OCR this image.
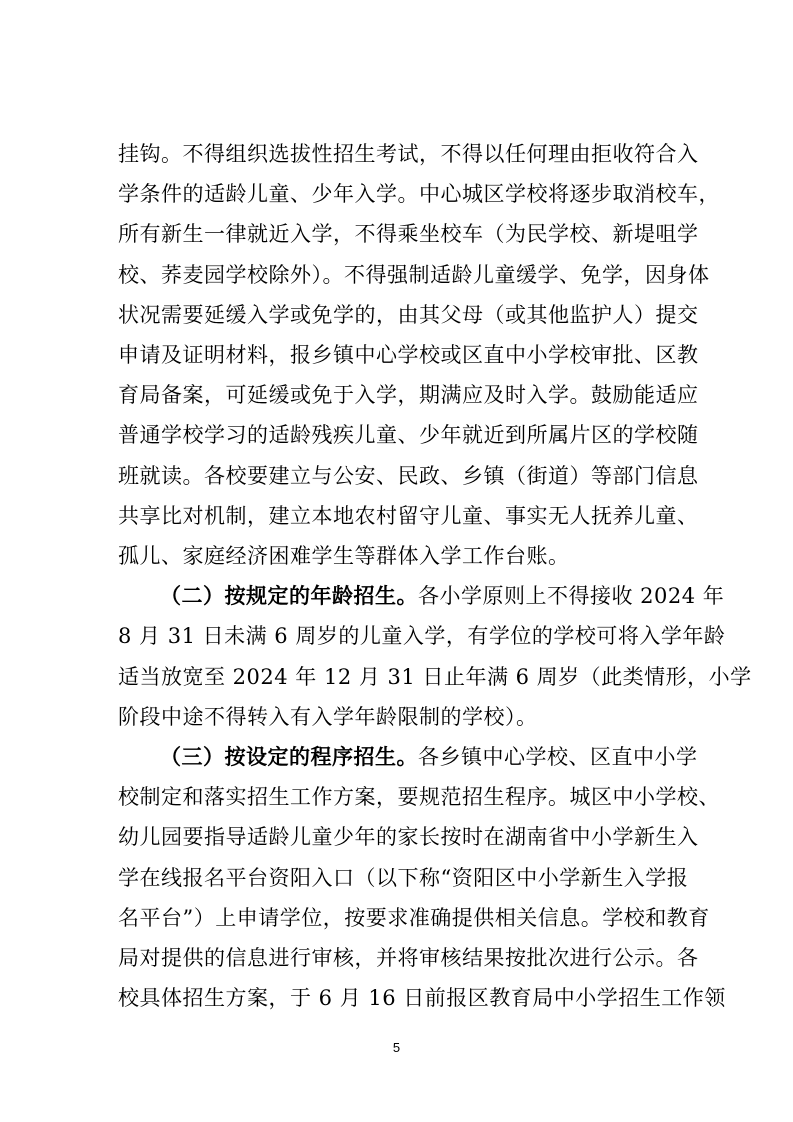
挂钩。不得组织选拔性招生考试，不得以任何理由拒收符合入
学条件的适龄儿童、少年入学。中心城区学校将逐步取消校车，
所有新生一律就近入学，不得乘坐校车（为民学校、新堤咀学
校、荞麦园学校除外）。不得强制适龄儿童缓学、免学，因身体
状况需要延缓入学或免学的，由其父母（或其他监护人）提交
申请及证明材料，报乡镇中心学校或区直中小学校审批、区教
育局备案，可延缓或免于入学，期满应及时入学。鼓励能适应
普通学校学习的适龄残疾儿童、少年就近到所属片区的学校随
班就读。各校要建立与公安、民政、乡镇（街道）等部门信息
共享比对机制，建立本地农村留守儿童、事实无人抚养儿童、
孤儿、家庭经济困难学生等群体入学工作台账。
（二）按规定的年龄招生。各小学原则上不得接收 2024 年
8 月 31 日未满 6 周岁的儿童入学，有学位的学校可将入学年龄
适当放宽至 2024 年 12 月 31 日止年满 6 周岁（此类情形，小学
阶段中途不得转入有入学年龄限制的学校）。
（三）按设定的程序招生。各乡镇中心学校、区直中小学
校制定和落实招生工作方案，要规范招生程序。城区中小学校、
幼儿园要指导适龄儿童少年的家长按时在湖南省中小学新生入
学在线报名平台资阳入口（以下称“资阳区中小学新生入学报
名平台”）上申请学位，按要求准确提供相关信息。学校和教育
局对提供的信息进行审核，并将审核结果按批次进行公示。各
校具体招生方案，于 6 月 16 日前报区教育局中小学招生工作领
5
